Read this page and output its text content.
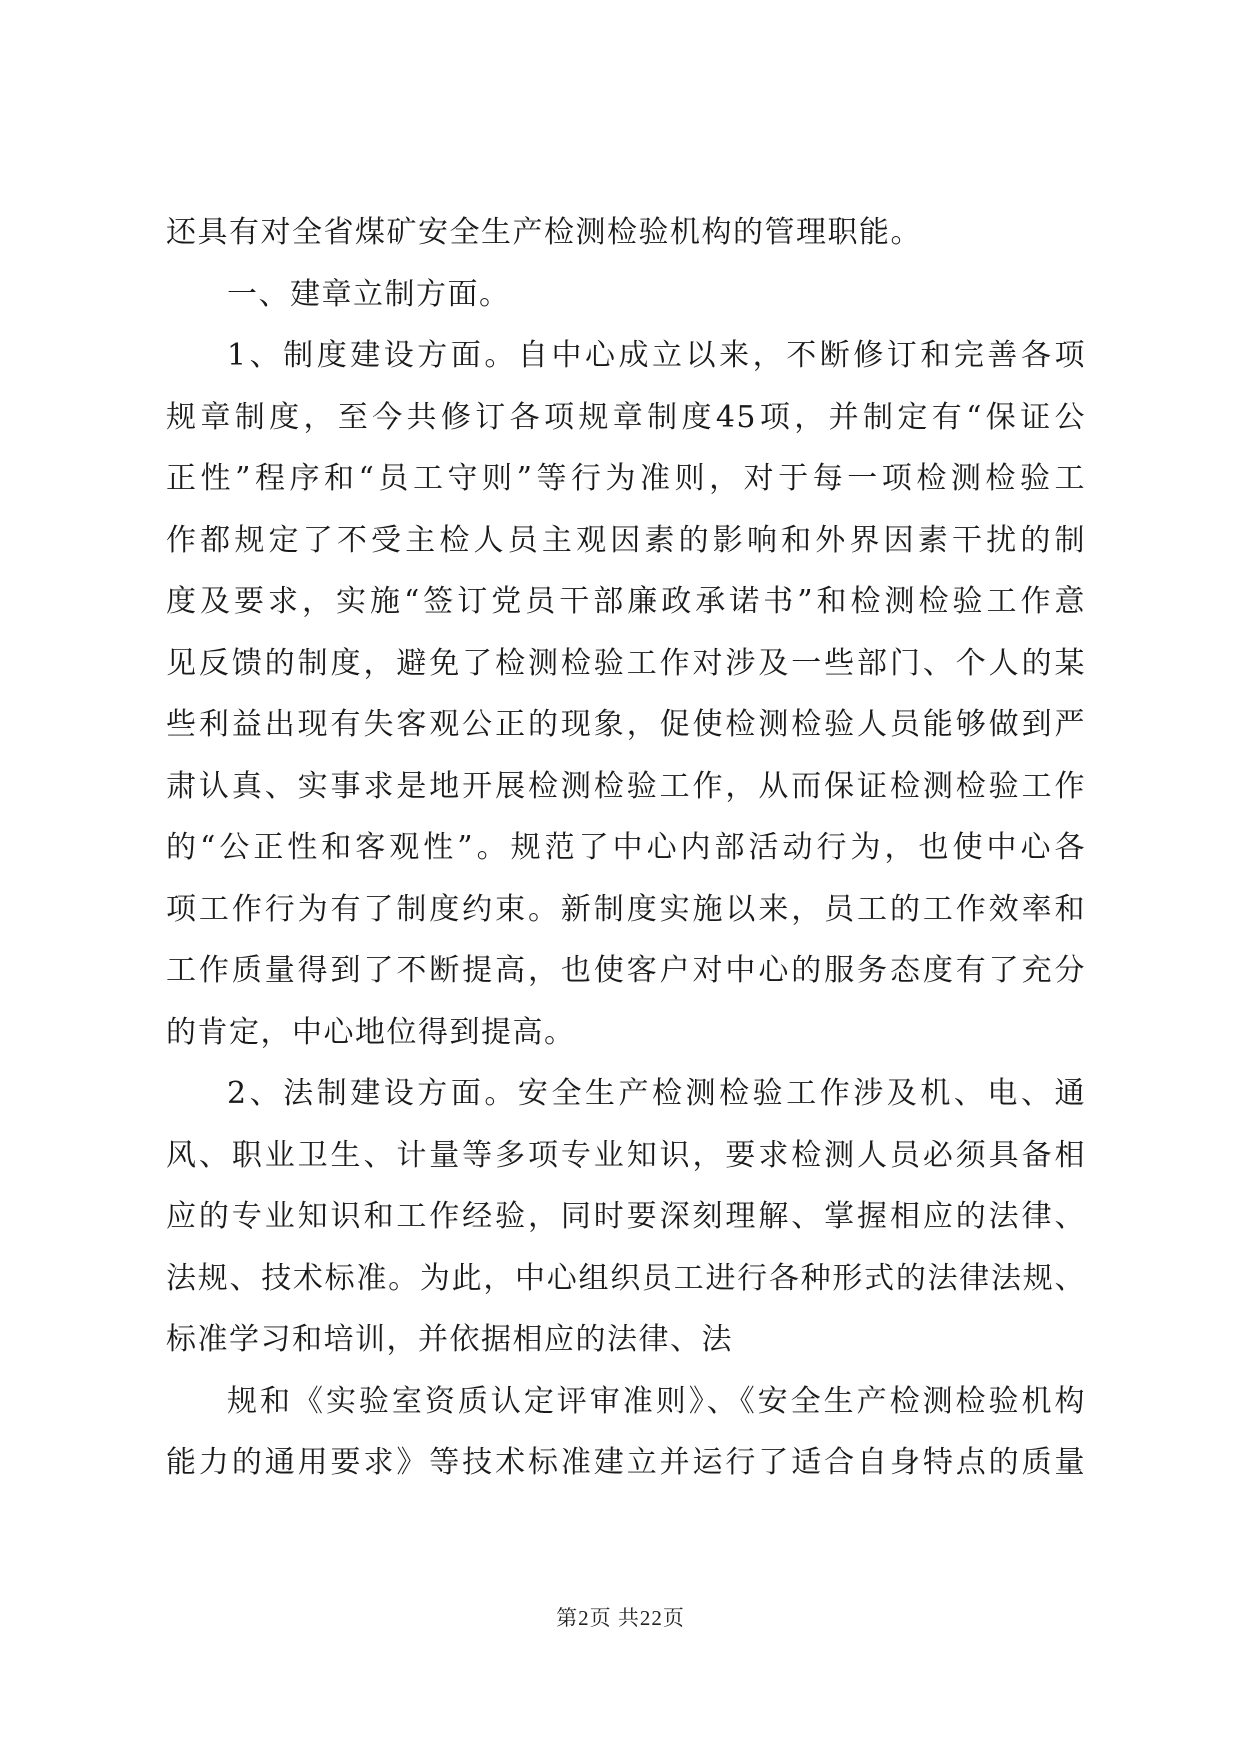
还具有对全省煤矿安全生产检测检验机构的管理职能。
一、建章立制方面。
1、制度建设方面。自中心成立以来，不断修订和完善各项
规章制度，至今共修订各项规章制度45项，并制定有“保证公
正性”程序和“员工守则”等行为准则，对于每一项检测检验工
作都规定了不受主检人员主观因素的影响和外界因素干扰的制
度及要求，实施“签订党员干部廉政承诺书”和检测检验工作意
见反馈的制度，避免了检测检验工作对涉及一些部门、个人的某
些利益出现有失客观公正的现象，促使检测检验人员能够做到严
肃认真、实事求是地开展检测检验工作，从而保证检测检验工作
的“公正性和客观性”。规范了中心内部活动行为，也使中心各
项工作行为有了制度约束。新制度实施以来，员工的工作效率和
工作质量得到了不断提高，也使客户对中心的服务态度有了充分
的肯定，中心地位得到提高。
2、法制建设方面。安全生产检测检验工作涉及机、电、通
风、职业卫生、计量等多项专业知识，要求检测人员必须具备相
应的专业知识和工作经验，同时要深刻理解、掌握相应的法律、
法规、技术标准。为此，中心组织员工进行各种形式的法律法规、
标准学习和培训，并依据相应的法律、法
规和《实验室资质认定评审准则》、《安全生产检测检验机构
能力的通用要求》等技术标准建立并运行了适合自身特点的质量
第2页 共22页
